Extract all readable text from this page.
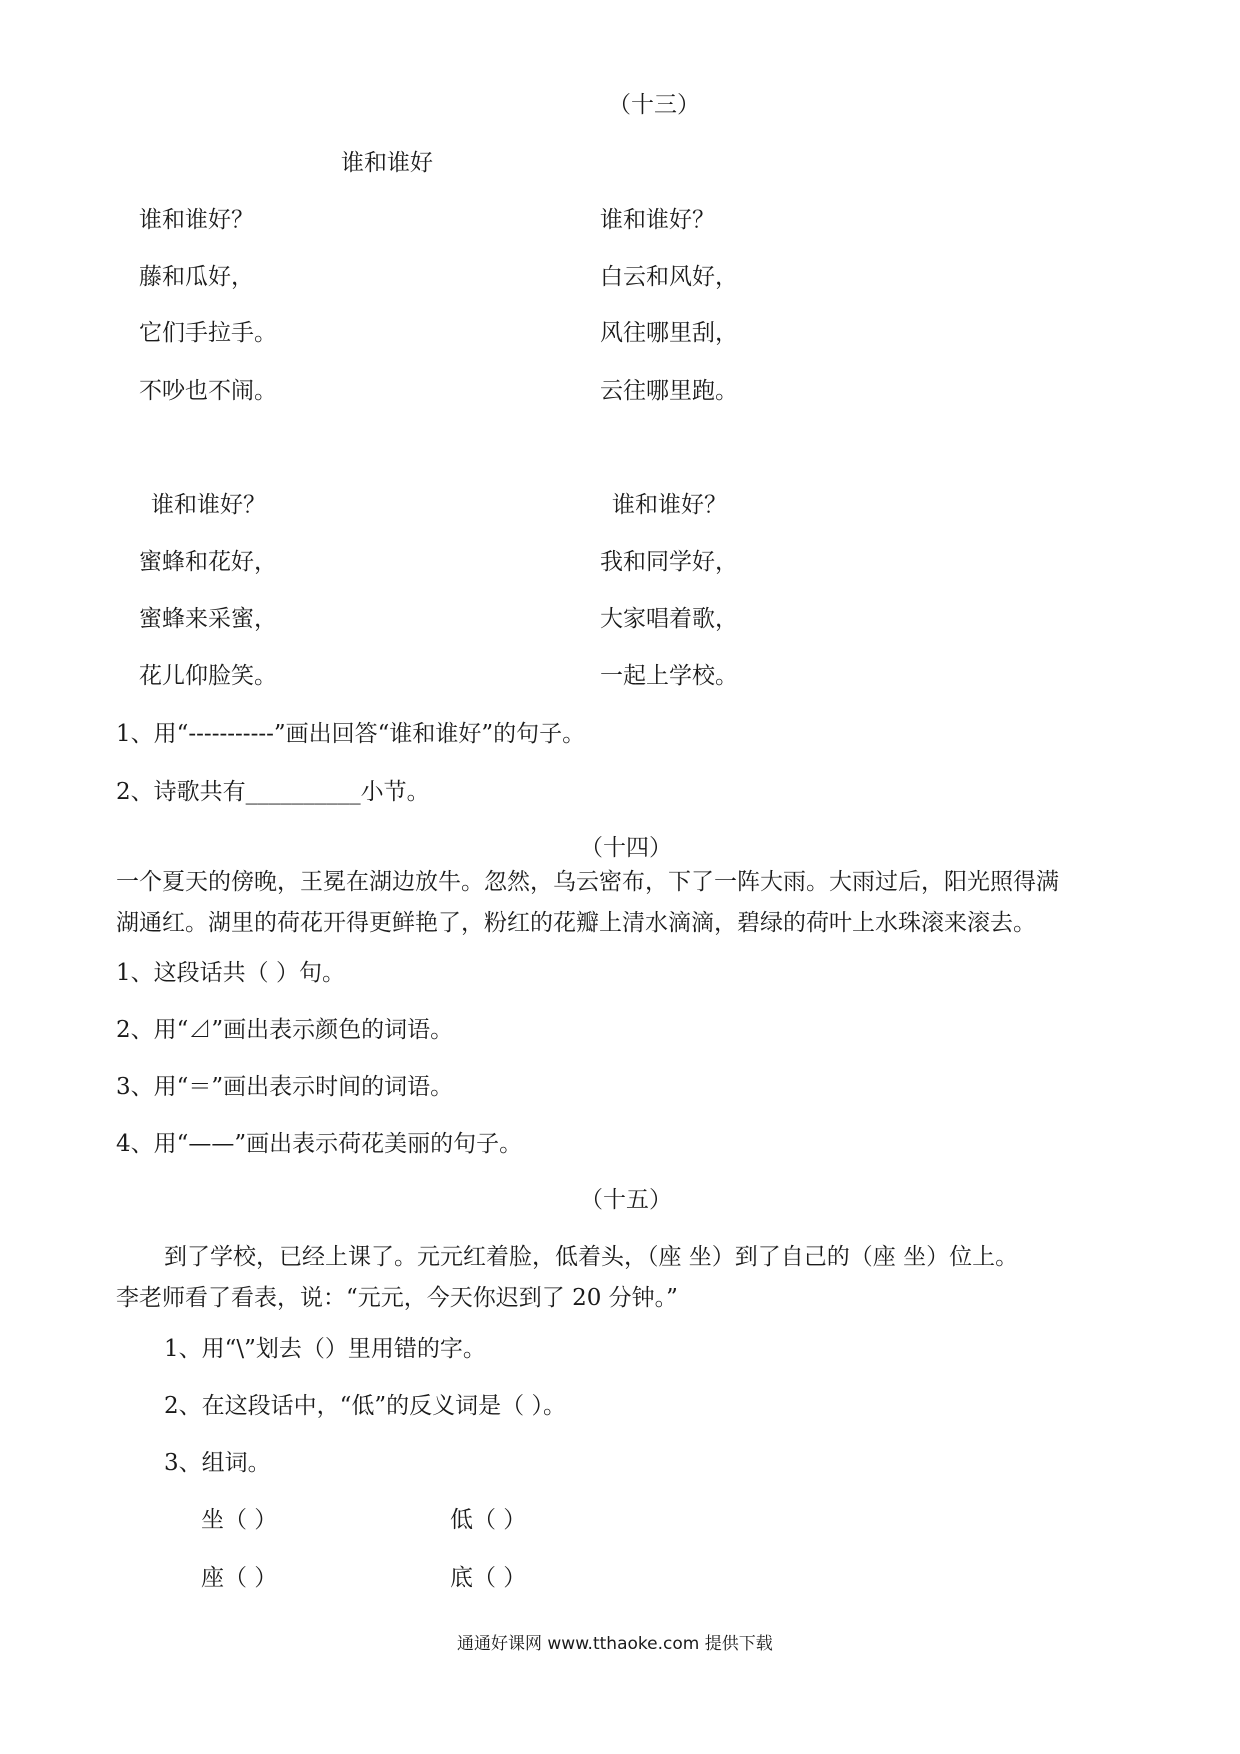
（十三）
谁和谁好
谁和谁好？
藤和瓜好，
它们手拉手。
不吵也不闹。
谁和谁好？
白云和风好，
风往哪里刮，
云往哪里跑。
谁和谁好？
蜜蜂和花好，
蜜蜂来采蜜，
花儿仰脸笑。
谁和谁好？
我和同学好，
大家唱着歌，
一起上学校。
1、用“-----------”画出回答“谁和谁好”的句子。
2、诗歌共有__________小节。
（十四）
一个夏天的傍晚，王冕在湖边放牛。忽然，乌云密布，下了一阵大雨。大雨过后，阳光照得满
湖通红。湖里的荷花开得更鲜艳了，粉红的花瓣上清水滴滴，碧绿的荷叶上水珠滚来滚去。
1、这段话共（ ）句。
2、用“⊿”画出表示颜色的词语。
3、用“＝”画出表示时间的词语。
4、用“——”画出表示荷花美丽的句子。
（十五）
到了学校，已经上课了。元元红着脸，低着头，（座 坐）到了自己的（座 坐）位上。
李老师看了看表，说：“元元，今天你迟到了 20 分钟。”
1、用“\”划去（）里用错的字。
2、在这段话中，“低”的反义词是（ ）。
3、组词。
坐（ ）	低（ ）
座（ ）	底（ ）
通通好课网 www.tthaoke.com 提供下载
